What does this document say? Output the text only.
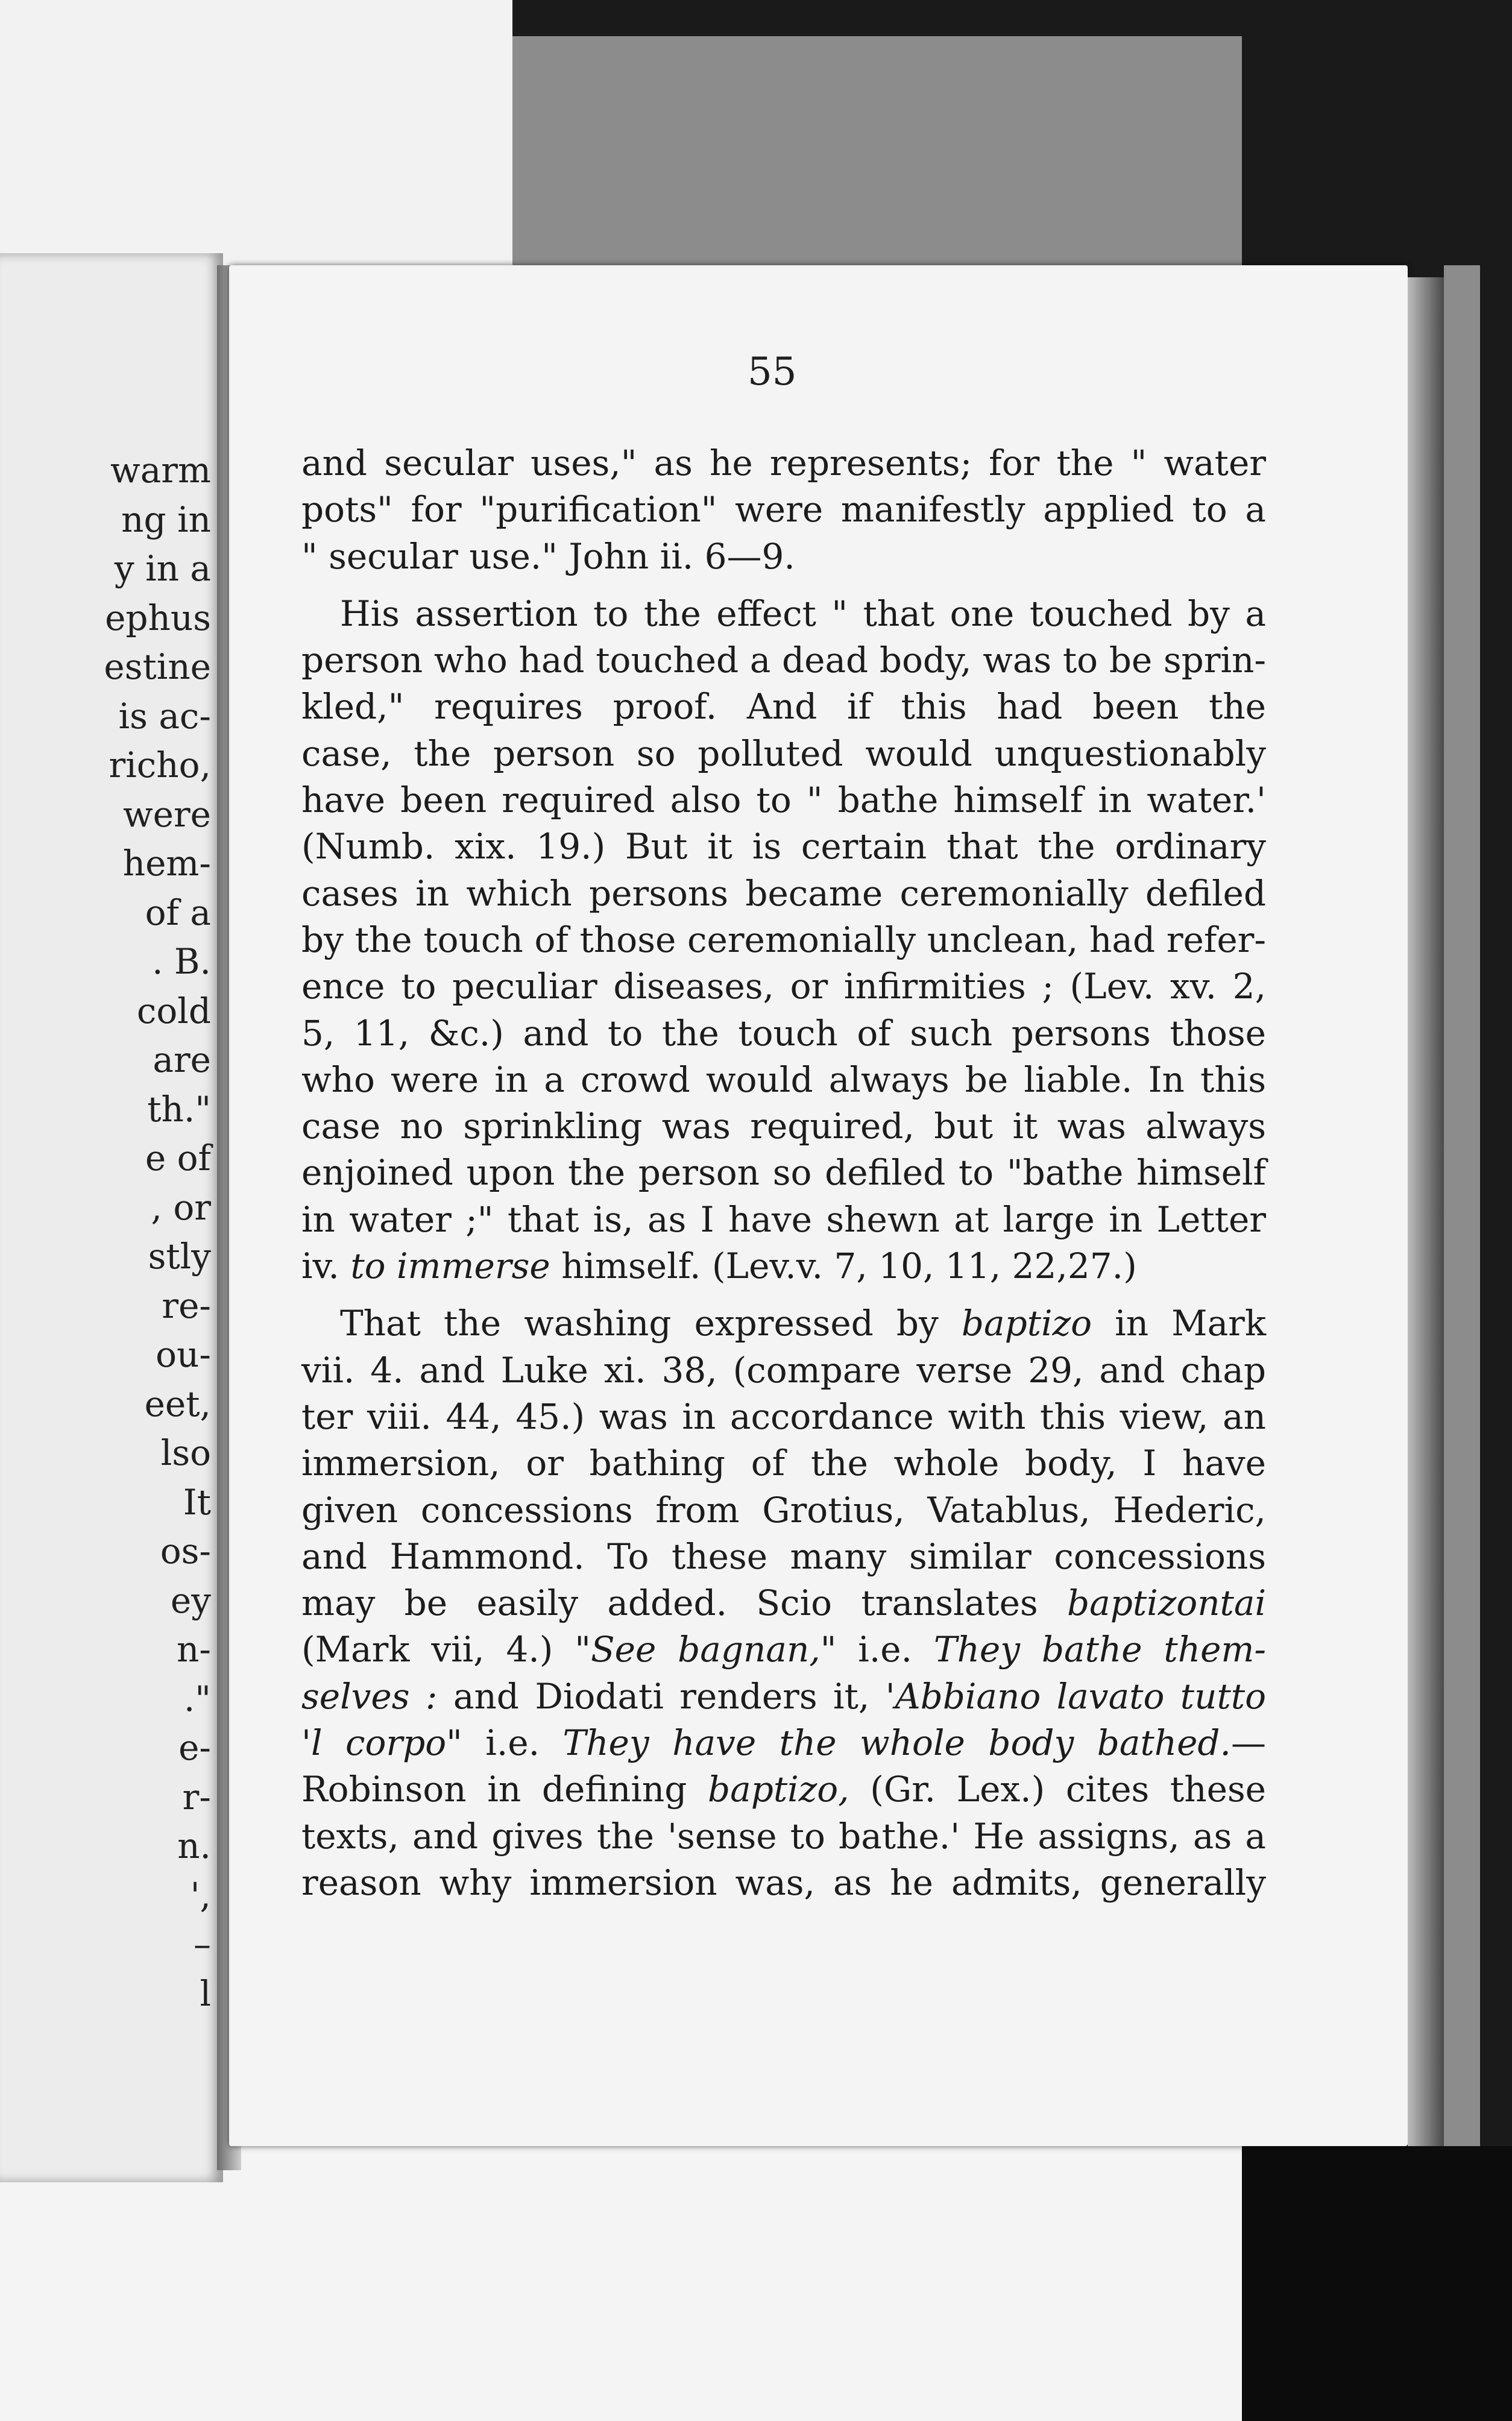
warm
ng in
y in a
ephus
estine
is ac-
richo,
were
hem-
of a
. B.
cold
are
th."
e of
, or
stly
re-
ou-
eet,
lso
It
os-
ey
n-
."
e-
r-
n.
',
–
l
55
and secular uses," as he represents; for the " water
pots" for "purification" were manifestly applied to a
" secular use." John ii. 6—9.
His assertion to the effect " that one touched by a
person who had touched a dead body, was to be sprin-
kled," requires proof. And if this had been the
case, the person so polluted would unquestionably
have been required also to " bathe himself in water.'
(Numb. xix. 19.) But it is certain that the ordinary
cases in which persons became ceremonially defiled
by the touch of those ceremonially unclean, had refer-
ence to peculiar diseases, or infirmities ; (Lev. xv. 2,
5, 11, &c.) and to the touch of such persons those
who were in a crowd would always be liable. In this
case no sprinkling was required, but it was always
enjoined upon the person so defiled to "bathe himself
in water ;" that is, as I have shewn at large in Letter
iv. to immerse himself. (Lev.v. 7, 10, 11, 22,27.)
That the washing expressed by baptizo in Mark
vii. 4. and Luke xi. 38, (compare verse 29, and chap
ter viii. 44, 45.) was in accordance with this view, an
immersion, or bathing of the whole body, I have
given concessions from Grotius, Vatablus, Hederic,
and Hammond. To these many similar concessions
may be easily added. Scio translates baptizontai
(Mark vii, 4.) "See bagnan," i.e. They bathe them-
selves : and Diodati renders it, 'Abbiano lavato tutto
'l corpo" i.e. They have the whole body bathed.—
Robinson in defining baptizo, (Gr. Lex.) cites these
texts, and gives the 'sense to bathe.' He assigns, as a
reason why immersion was, as he admits, generally
